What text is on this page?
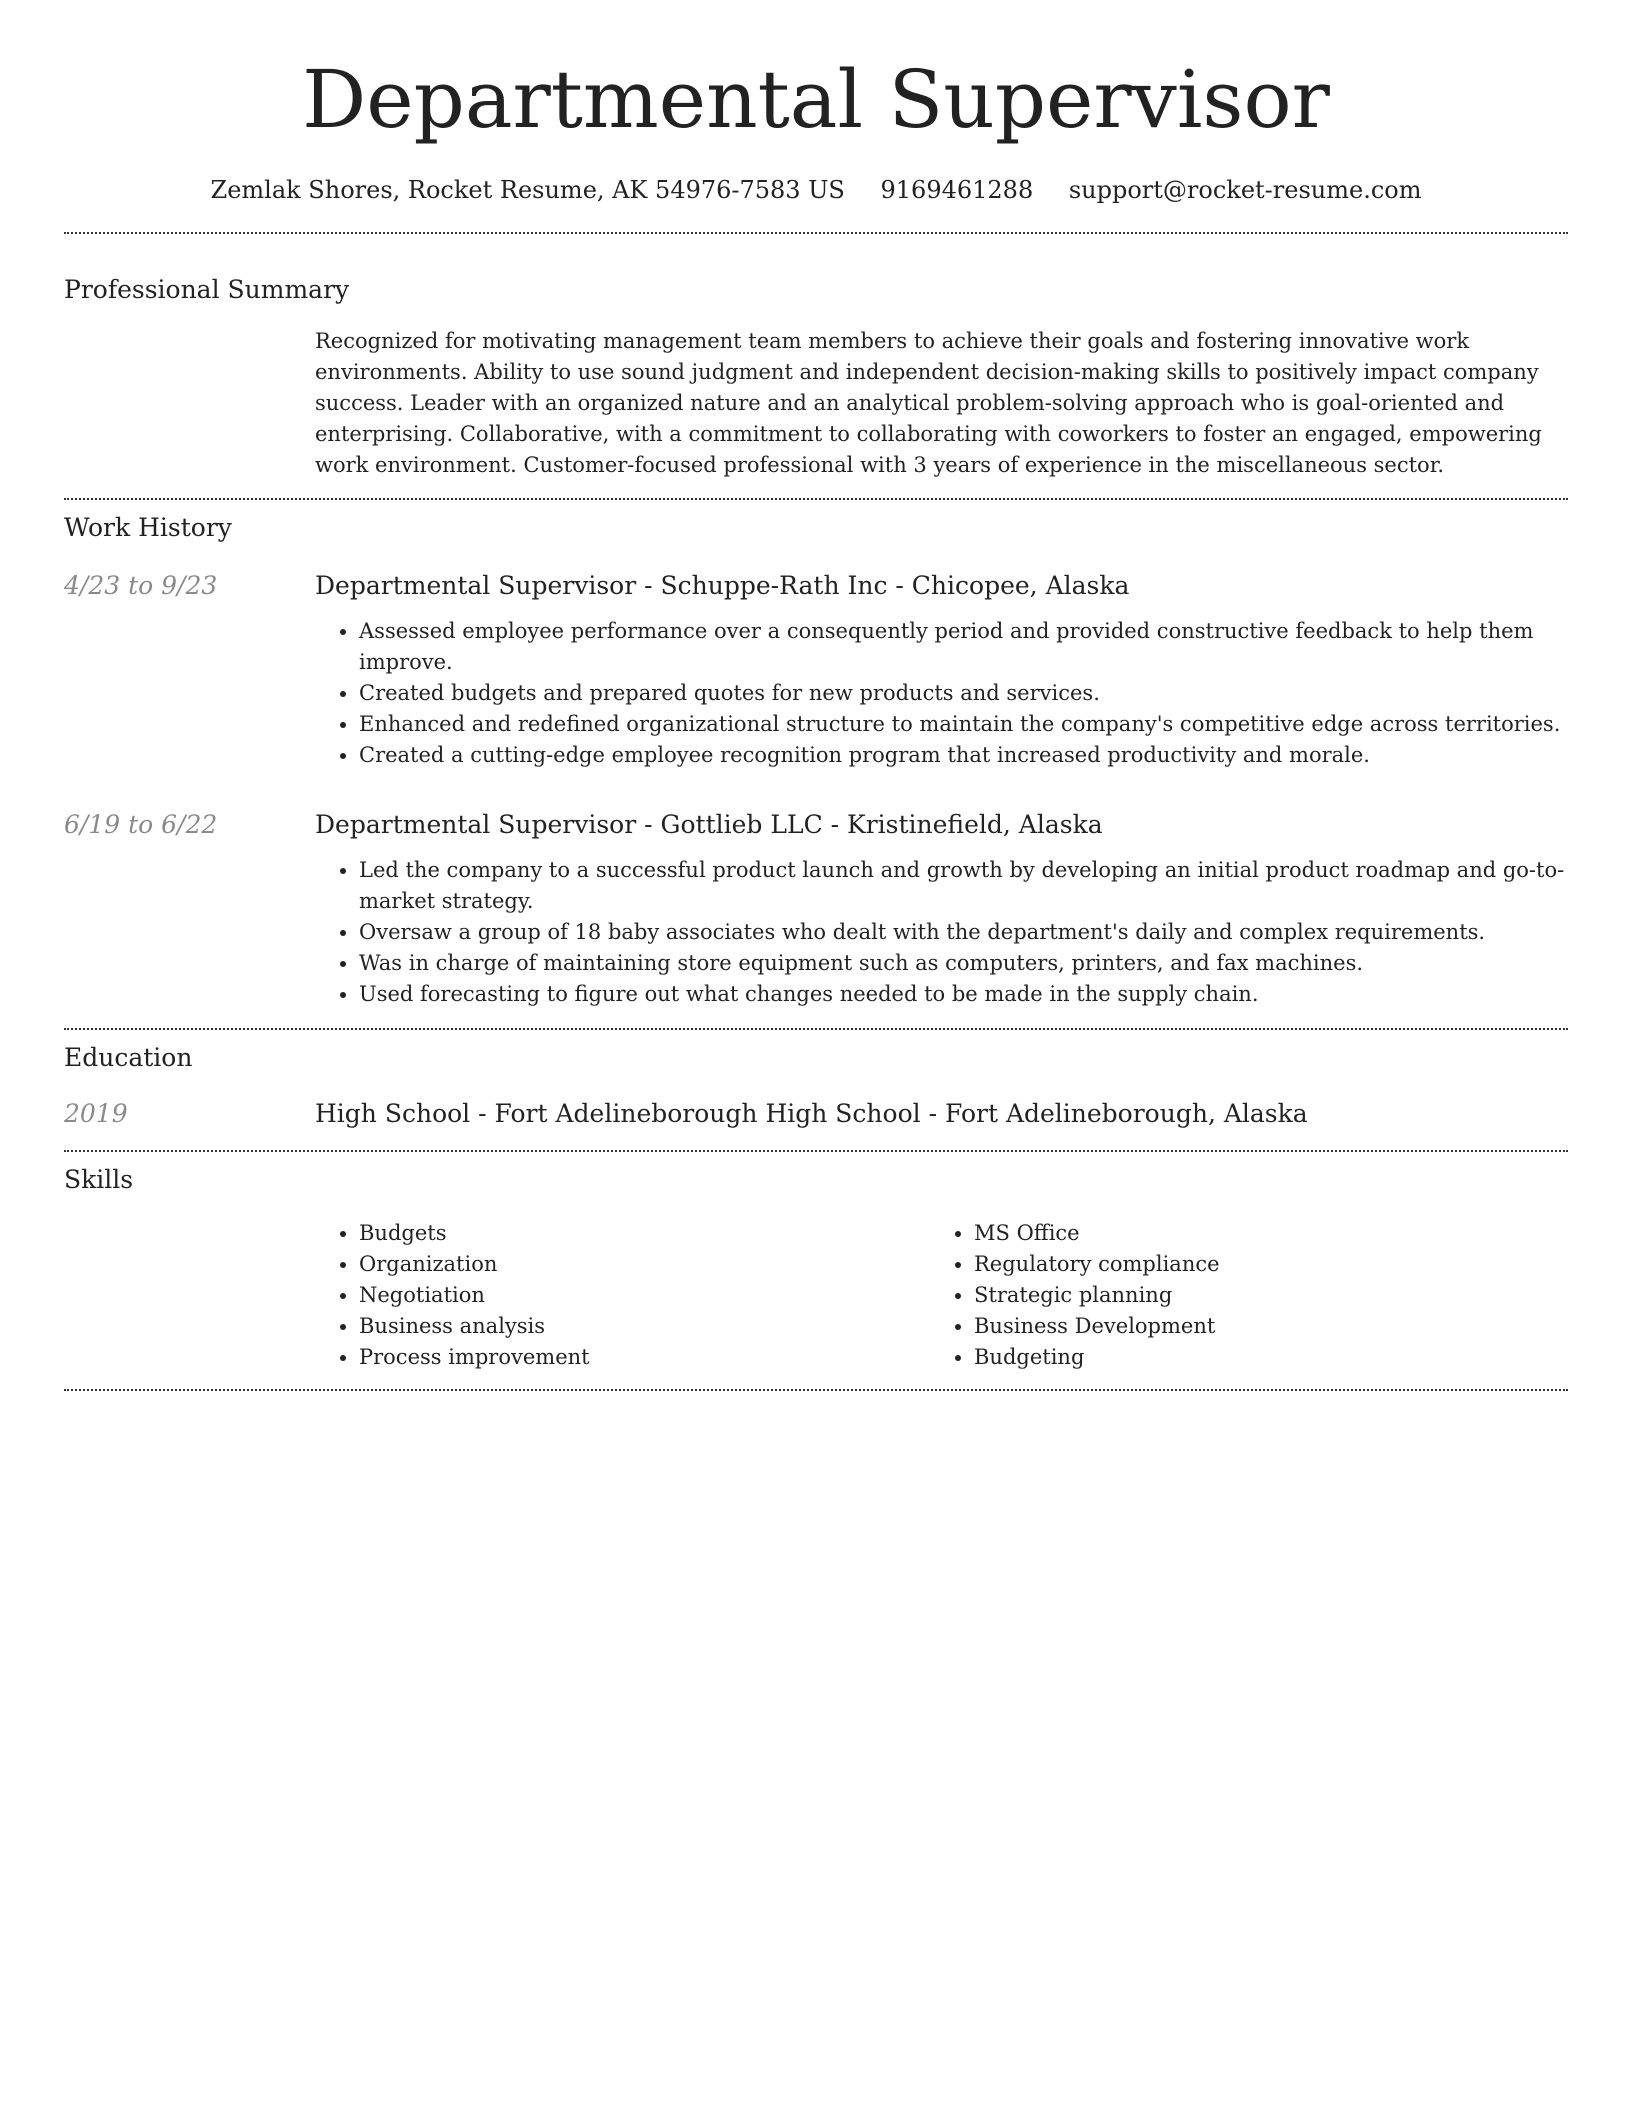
Departmental Supervisor
Zemlak Shores, Rocket Resume, AK 54976-7583 US 9169461288 support@rocket-resume.com
Professional Summary
Recognized for motivating management team members to achieve their goals and fostering innovative work environments. Ability to use sound judgment and independent decision-making skills to positively impact company success. Leader with an organized nature and an analytical problem-solving approach who is goal-oriented and enterprising. Collaborative, with a commitment to collaborating with coworkers to foster an engaged, empowering work environment. Customer-focused professional with 3 years of experience in the miscellaneous sector.
Work History
4/23 to 9/23	Departmental Supervisor - Schuppe-Rath Inc - Chicopee, Alaska
• Assessed employee performance over a consequently period and provided constructive feedback to help them improve.
• Created budgets and prepared quotes for new products and services.
• Enhanced and redefined organizational structure to maintain the company's competitive edge across territories.
• Created a cutting-edge employee recognition program that increased productivity and morale.
6/19 to 6/22	Departmental Supervisor - Gottlieb LLC - Kristinefield, Alaska
• Led the company to a successful product launch and growth by developing an initial product roadmap and go-to-market strategy.
• Oversaw a group of 18 baby associates who dealt with the department's daily and complex requirements.
• Was in charge of maintaining store equipment such as computers, printers, and fax machines.
• Used forecasting to figure out what changes needed to be made in the supply chain.
Education
2019	High School - Fort Adelineborough High School - Fort Adelineborough, Alaska
Skills
• Budgets
• Organization
• Negotiation
• Business analysis
• Process improvement
• MS Office
• Regulatory compliance
• Strategic planning
• Business Development
• Budgeting
